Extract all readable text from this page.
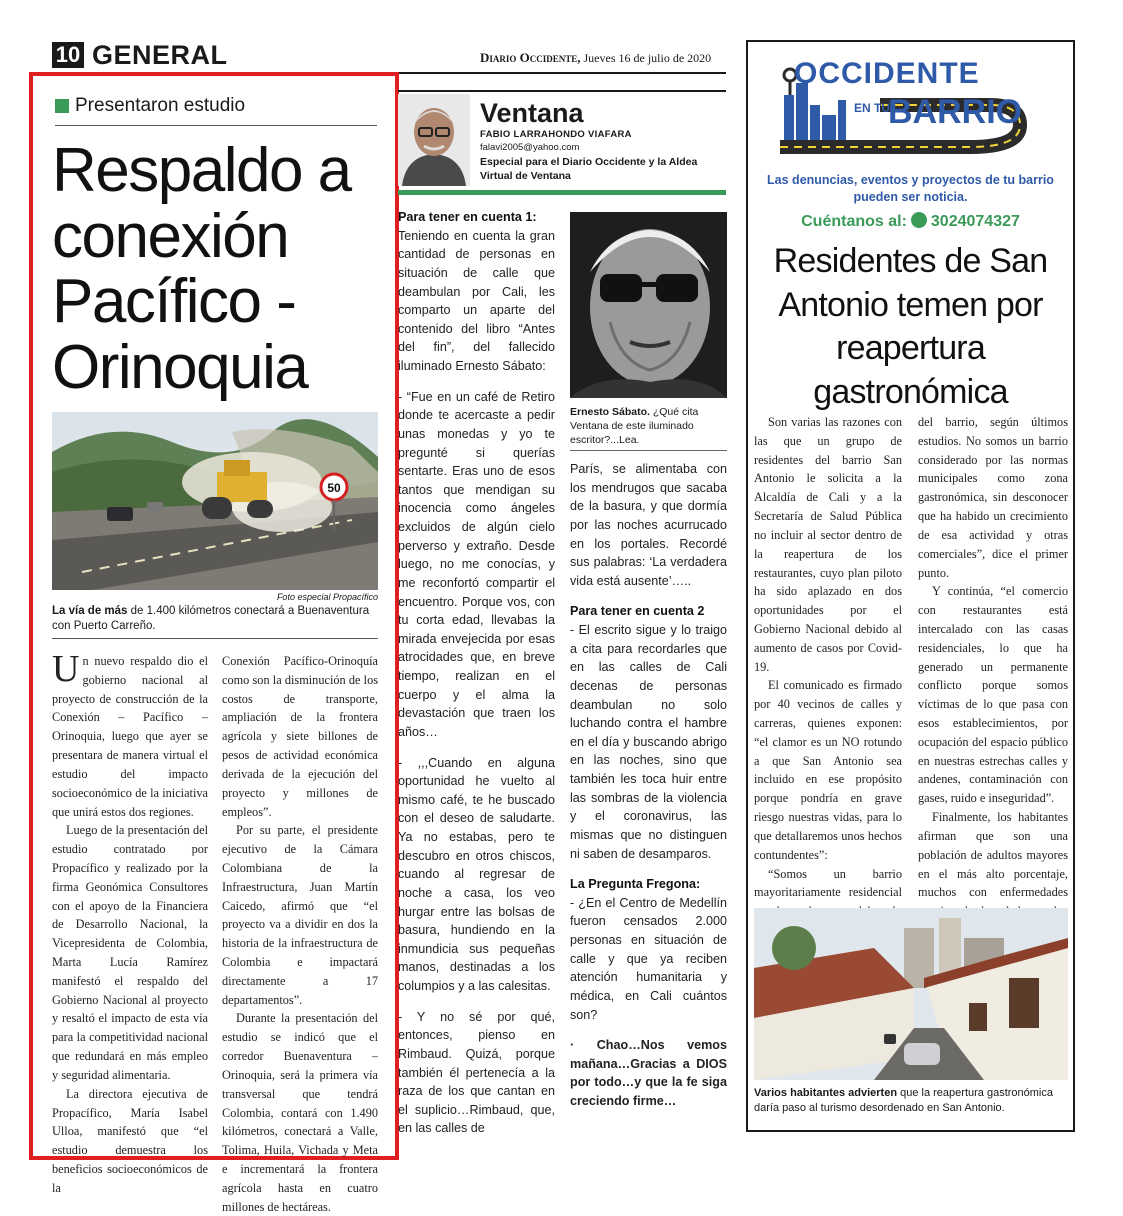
10 GENERAL	Diario Occidente, Jueves 16 de julio de 2020
Presentaron estudio
Respaldo a conexión Pacífico - Orinoquia
50
Foto especial Propacífico
La vía de más de 1.400 kilómetros conectará a Buenaventura con Puerto Carreño.

Un nuevo respaldo dio el gobierno nacional al proyecto de construcción de la Conexión – Pacífico – Orinoquia, luego que ayer se presentara de manera virtual el estudio del impacto socioeconómico de la iniciativa que unirá estos dos regiones.

Luego de la presentación del estudio contratado por Propacífico y realizado por la firma Geonómica Consultores con el apoyo de la Financiera de Desarrollo Nacional, la Vicepresidenta de Colombia, Marta Lucía Ramírez manifestó el respaldo del Gobierno Nacional al proyecto y resaltó el impacto de esta vía para la competitividad nacional que redundará en más empleo y seguridad alimentaria.

La directora ejecutiva de Propacífico, María Isabel Ulloa, manifestó que “el estudio demuestra los beneficios socioeconómicos de la

Conexión Pacífico-Orinoquía como son la disminución de los costos de transporte, ampliación de la frontera agrícola y siete billones de pesos de actividad económica derivada de la ejecución del proyecto y millones de empleos”.

Por su parte, el presidente ejecutivo de la Cámara Colombiana de la Infraestructura, Juan Martín Caicedo, afirmó que “el proyecto va a dividir en dos la historia de la infraestructura de Colombia e impactará directamente a 17 departamentos”.

Durante la presentación del estudio se indicó que el corredor Buenaventura – Orinoquia, será la primera vía transversal que tendrá Colombia, contará con 1.490 kilómetros, conectará a Valle, Tolima, Huila, Vichada y Meta e incrementará la frontera agrícola hasta en cuatro millones de hectáreas.

Ventana
FABIO LARRAHONDO VIAFARA
falavi2005@yahoo.com
Especial para el Diario Occidente y la Aldea Virtual de Ventana

Para tener en cuenta 1:
Teniendo en cuenta la gran cantidad de personas en situación de calle que deambulan por Cali, les comparto un aparte del contenido del libro “Antes del fin”, del fallecido iluminado Ernesto Sábato:

- “Fue en un café de Retiro donde te acercaste a pedir unas monedas y yo te pregunté si querías sentarte. Eras uno de esos tantos que mendigan su inocencia como ángeles excluidos de algún cielo perverso y extraño. Desde luego, no me conocías, y me reconfortó compartir el encuentro. Porque vos, con tu corta edad, llevabas la mirada envejecida por esas atrocidades que, en breve tiempo, realizan en el cuerpo y el alma la devastación que traen los años…

- ,,,Cuando en alguna oportunidad he vuelto al mismo café, te he buscado con el deseo de saludarte. Ya no estabas, pero te descubro en otros chiscos, cuando al regresar de noche a casa, los veo hurgar entre las bolsas de basura, hundiendo en la inmundicia sus pequeñas manos, destinadas a los columpios y a las calesitas.

- Y no sé por qué, entonces, pienso en Rimbaud. Quizá, porque también él pertenecía a la raza de los que cantan en el suplicio…Rimbaud, que, en las calles de

Ernesto Sábato. ¿Qué cita Ventana de este iluminado escritor?...Lea.

París, se alimentaba con los mendrugos que sacaba de la basura, y que dormía por las noches acurrucado en los portales. Recordé sus palabras: ‘La verdadera vida está ausente’…..

Para tener en cuenta 2
- El escrito sigue y lo traigo a cita para recordarles que en las calles de Cali decenas de personas deambulan no solo luchando contra el hambre en el día y buscando abrigo en las noches, sino que también les toca huir entre las sombras de la violencia y el coronavirus, las mismas que no distinguen ni saben de desamparos.

La Pregunta Fregona:
- ¿En el Centro de Medellín fueron censados 2.000 personas en situación de calle y que ya reciben atención humanitaria y médica, en Cali cuántos son?

· Chao…Nos vemos mañana…Gracias a DIOS por todo…y que la fe siga creciendo firme…

OCCIDENTE
EN TU
BARRIO
Las denuncias, eventos y proyectos de tu barrio pueden ser noticia.
Cuéntanos al: 3024074327
Residentes de San Antonio temen por reapertura gastronómica

Son varias las razones con las que un grupo de residentes del barrio San Antonio le solicita a la Alcaldía de Cali y a la Secretaría de Salud Pública no incluir al sector dentro de la reapertura de los restaurantes, cuyo plan piloto ha sido aplazado en dos oportunidades por el Gobierno Nacional debido al aumento de casos por Covid-19.

El comunicado es firmado por 40 vecinos de calles y carreras, quienes exponen: “el clamor es un NO rotundo a que San Antonio sea incluido en ese propósito porque pondría en grave riesgo nuestras vidas, para lo que detallaremos unos hechos contundentes”:

“Somos un barrio mayoritariamente residencial

del barrio, según últimos estudios. No somos un barrio considerado por las normas municipales como zona gastronómica, sin desconocer que ha habido un crecimiento de esa actividad y otras comerciales”, dice el primer punto.

Y continúa, “el comercio con restaurantes está intercalado con las casas residenciales, lo que ha generado un permanente conflicto porque somos víctimas de lo que pasa con esos establecimientos, por ocupación del espacio público en nuestras estrechas calles y andenes, contaminación con gases, ruido e inseguridad”.

Finalmente, los habitantes afirman que son una población de adultos mayores en el más alto porcentaje, muchos con enfermedades

Varios habitantes advierten que la reapertura gastronómica daría paso al turismo desordenado en San Antonio.
